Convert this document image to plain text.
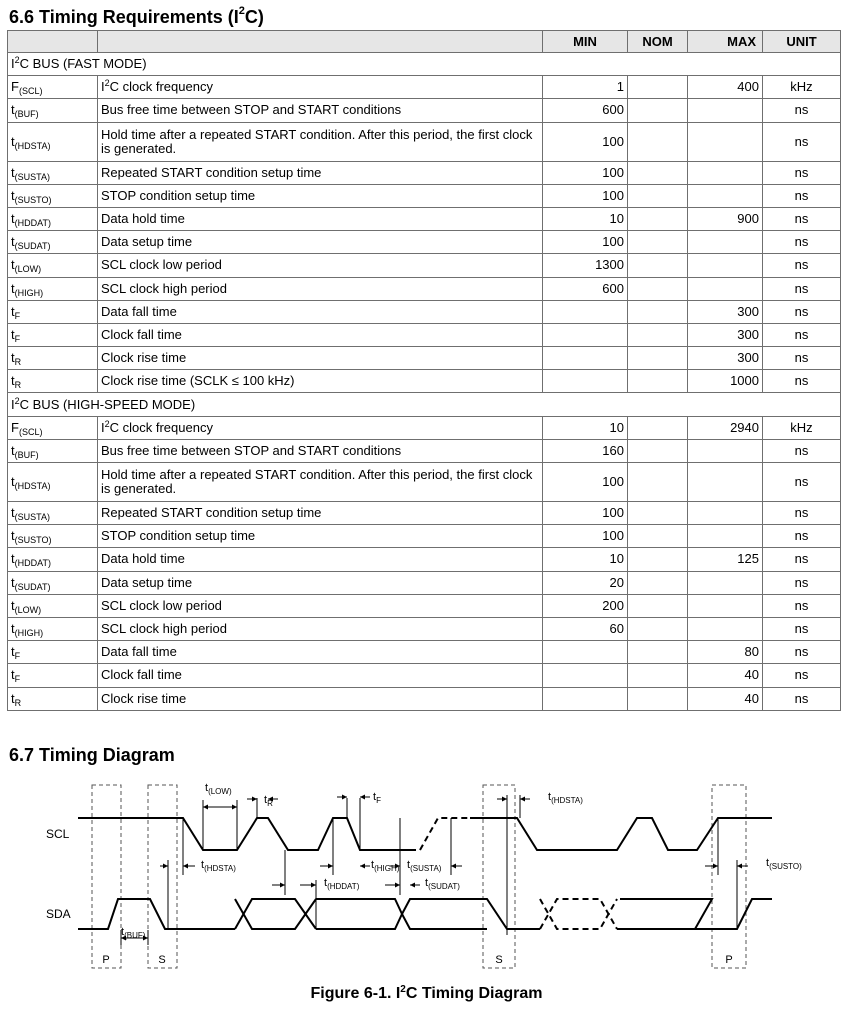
6.6 Timing Requirements $(I^2C)$
		MIN	NOM	MAX	UNIT
$I^2C$ BUS (FAST MODE)					
$F_{(SCL)}$	$I^2C$ clock frequency	1		400	kHz
$t_{(BUF)}$	Bus free time between STOP and START conditions	600			ns
$t_{(HDSTA)}$	Hold time after a repeated START condition. After this period, the first clock is generated.	100			ns
$t_{(SUSTA)}$	Repeated START condition setup time	100			ns
$t_{(SUSTO)}$	STOP condition setup time	100			ns
$t_{(HDDAT)}$	Data hold time	10		900	ns
$t_{(SUDAT)}$	Data setup time	100			ns
$t_{(LOW)}$	SCL clock low period	1300			ns
$t_{(HIGH)}$	SCL clock high period	600			ns
$t_F$	Data fall time			300	ns
$t_F$	Clock fall time			300	ns
$t_R$	Clock rise time			300	ns
$t_R$	Clock rise time (SCLK ≤ 100 kHz)			1000	ns
$I^2C$ BUS (HIGH-SPEED MODE)					
$F_{(SCL)}$	$I^2C$ clock frequency	10		2940	kHz
$t_{(BUF)}$	Bus free time between STOP and START conditions	160			ns
$t_{(HDSTA)}$	Hold time after a repeated START condition. After this period, the first clock is generated.	100			ns
$t_{(SUSTA)}$	Repeated START condition setup time	100			ns
$t_{(SUSTO)}$	STOP condition setup time	100			ns
$t_{(HDDAT)}$	Data hold time	10		125	ns
$t_{(SUDAT)}$	Data setup time	20			ns
$t_{(LOW)}$	SCL clock low period	200			ns
$t_{(HIGH)}$	SCL clock high period	60			ns
$t_F$	Data fall time			80	ns
$t_F$	Clock fall time			40	ns
$t_R$	Clock rise time			40	ns
6.7 Timing Diagram
SCL
SDA
$t_{(LOW)}$
$t_R$
$t_F$	$t_{(HDSTA)}$
$t_{(HDSTA)}$	$t_{(HIGH)}$ $t_{(SUSTA)}$
$t_{(HDDAT)}$	$t_{(SUDAT)}$
$t_{(BUF)}$
$t_{(SUSTO)}$
P	S	S	P
Figure 6-1. $I^2C$ Timing Diagram
